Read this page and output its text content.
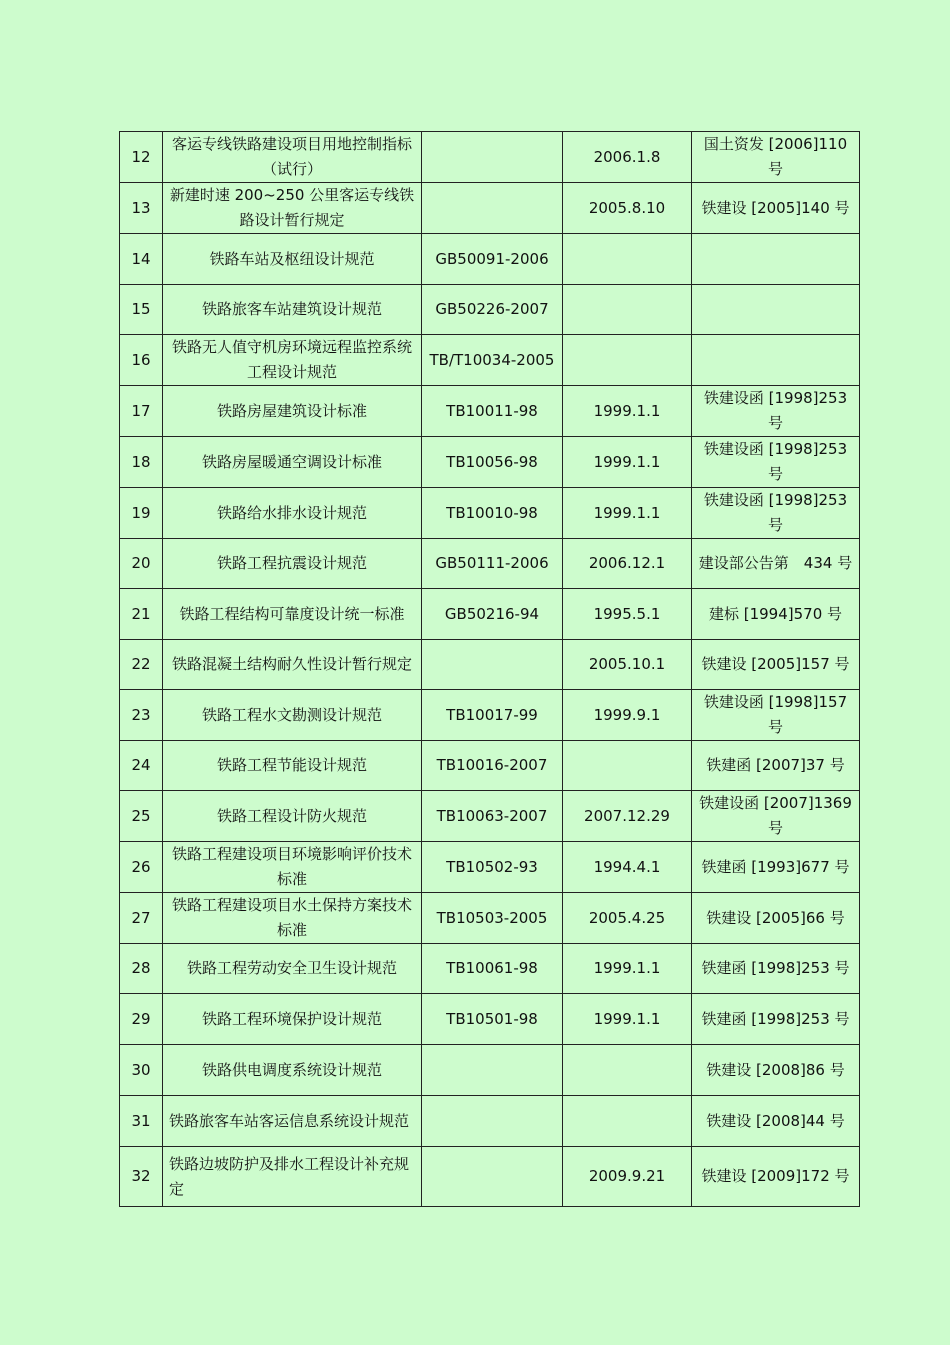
12	客运专线铁路建设项目用地控制指标（试行）		2006.1.8	国土资发 [2006]110 号
13	新建时速 200~250 公里客运专线铁路设计暂行规定		2005.8.10	铁建设 [2005]140 号
14	铁路车站及枢纽设计规范	GB50091-2006		
15	铁路旅客车站建筑设计规范	GB50226-2007		
16	铁路无人值守机房环境远程监控系统工程设计规范	TB/T10034-2005		
17	铁路房屋建筑设计标准	TB10011-98	1999.1.1	铁建设函 [1998]253 号
18	铁路房屋暖通空调设计标准	TB10056-98	1999.1.1	铁建设函 [1998]253 号
19	铁路给水排水设计规范	TB10010-98	1999.1.1	铁建设函 [1998]253 号
20	铁路工程抗震设计规范	GB50111-2006	2006.12.1	建设部公告第　434 号
21	铁路工程结构可靠度设计统一标准	GB50216-94	1995.5.1	建标 [1994]570 号
22	铁路混凝土结构耐久性设计暂行规定		2005.10.1	铁建设 [2005]157 号
23	铁路工程水文勘测设计规范	TB10017-99	1999.9.1	铁建设函 [1998]157 号
24	铁路工程节能设计规范	TB10016-2007		铁建函 [2007]37 号
25	铁路工程设计防火规范	TB10063-2007	2007.12.29	铁建设函 [2007]1369 号
26	铁路工程建设项目环境影响评价技术标准	TB10502-93	1994.4.1	铁建函 [1993]677 号
27	铁路工程建设项目水土保持方案技术标准	TB10503-2005	2005.4.25	铁建设 [2005]66 号
28	铁路工程劳动安全卫生设计规范	TB10061-98	1999.1.1	铁建函 [1998]253 号
29	铁路工程环境保护设计规范	TB10501-98	1999.1.1	铁建函 [1998]253 号
30	铁路供电调度系统设计规范			铁建设 [2008]86 号
31	铁路旅客车站客运信息系统设计规范			铁建设 [2008]44 号
32	铁路边坡防护及排水工程设计补充规定		2009.9.21	铁建设 [2009]172 号
